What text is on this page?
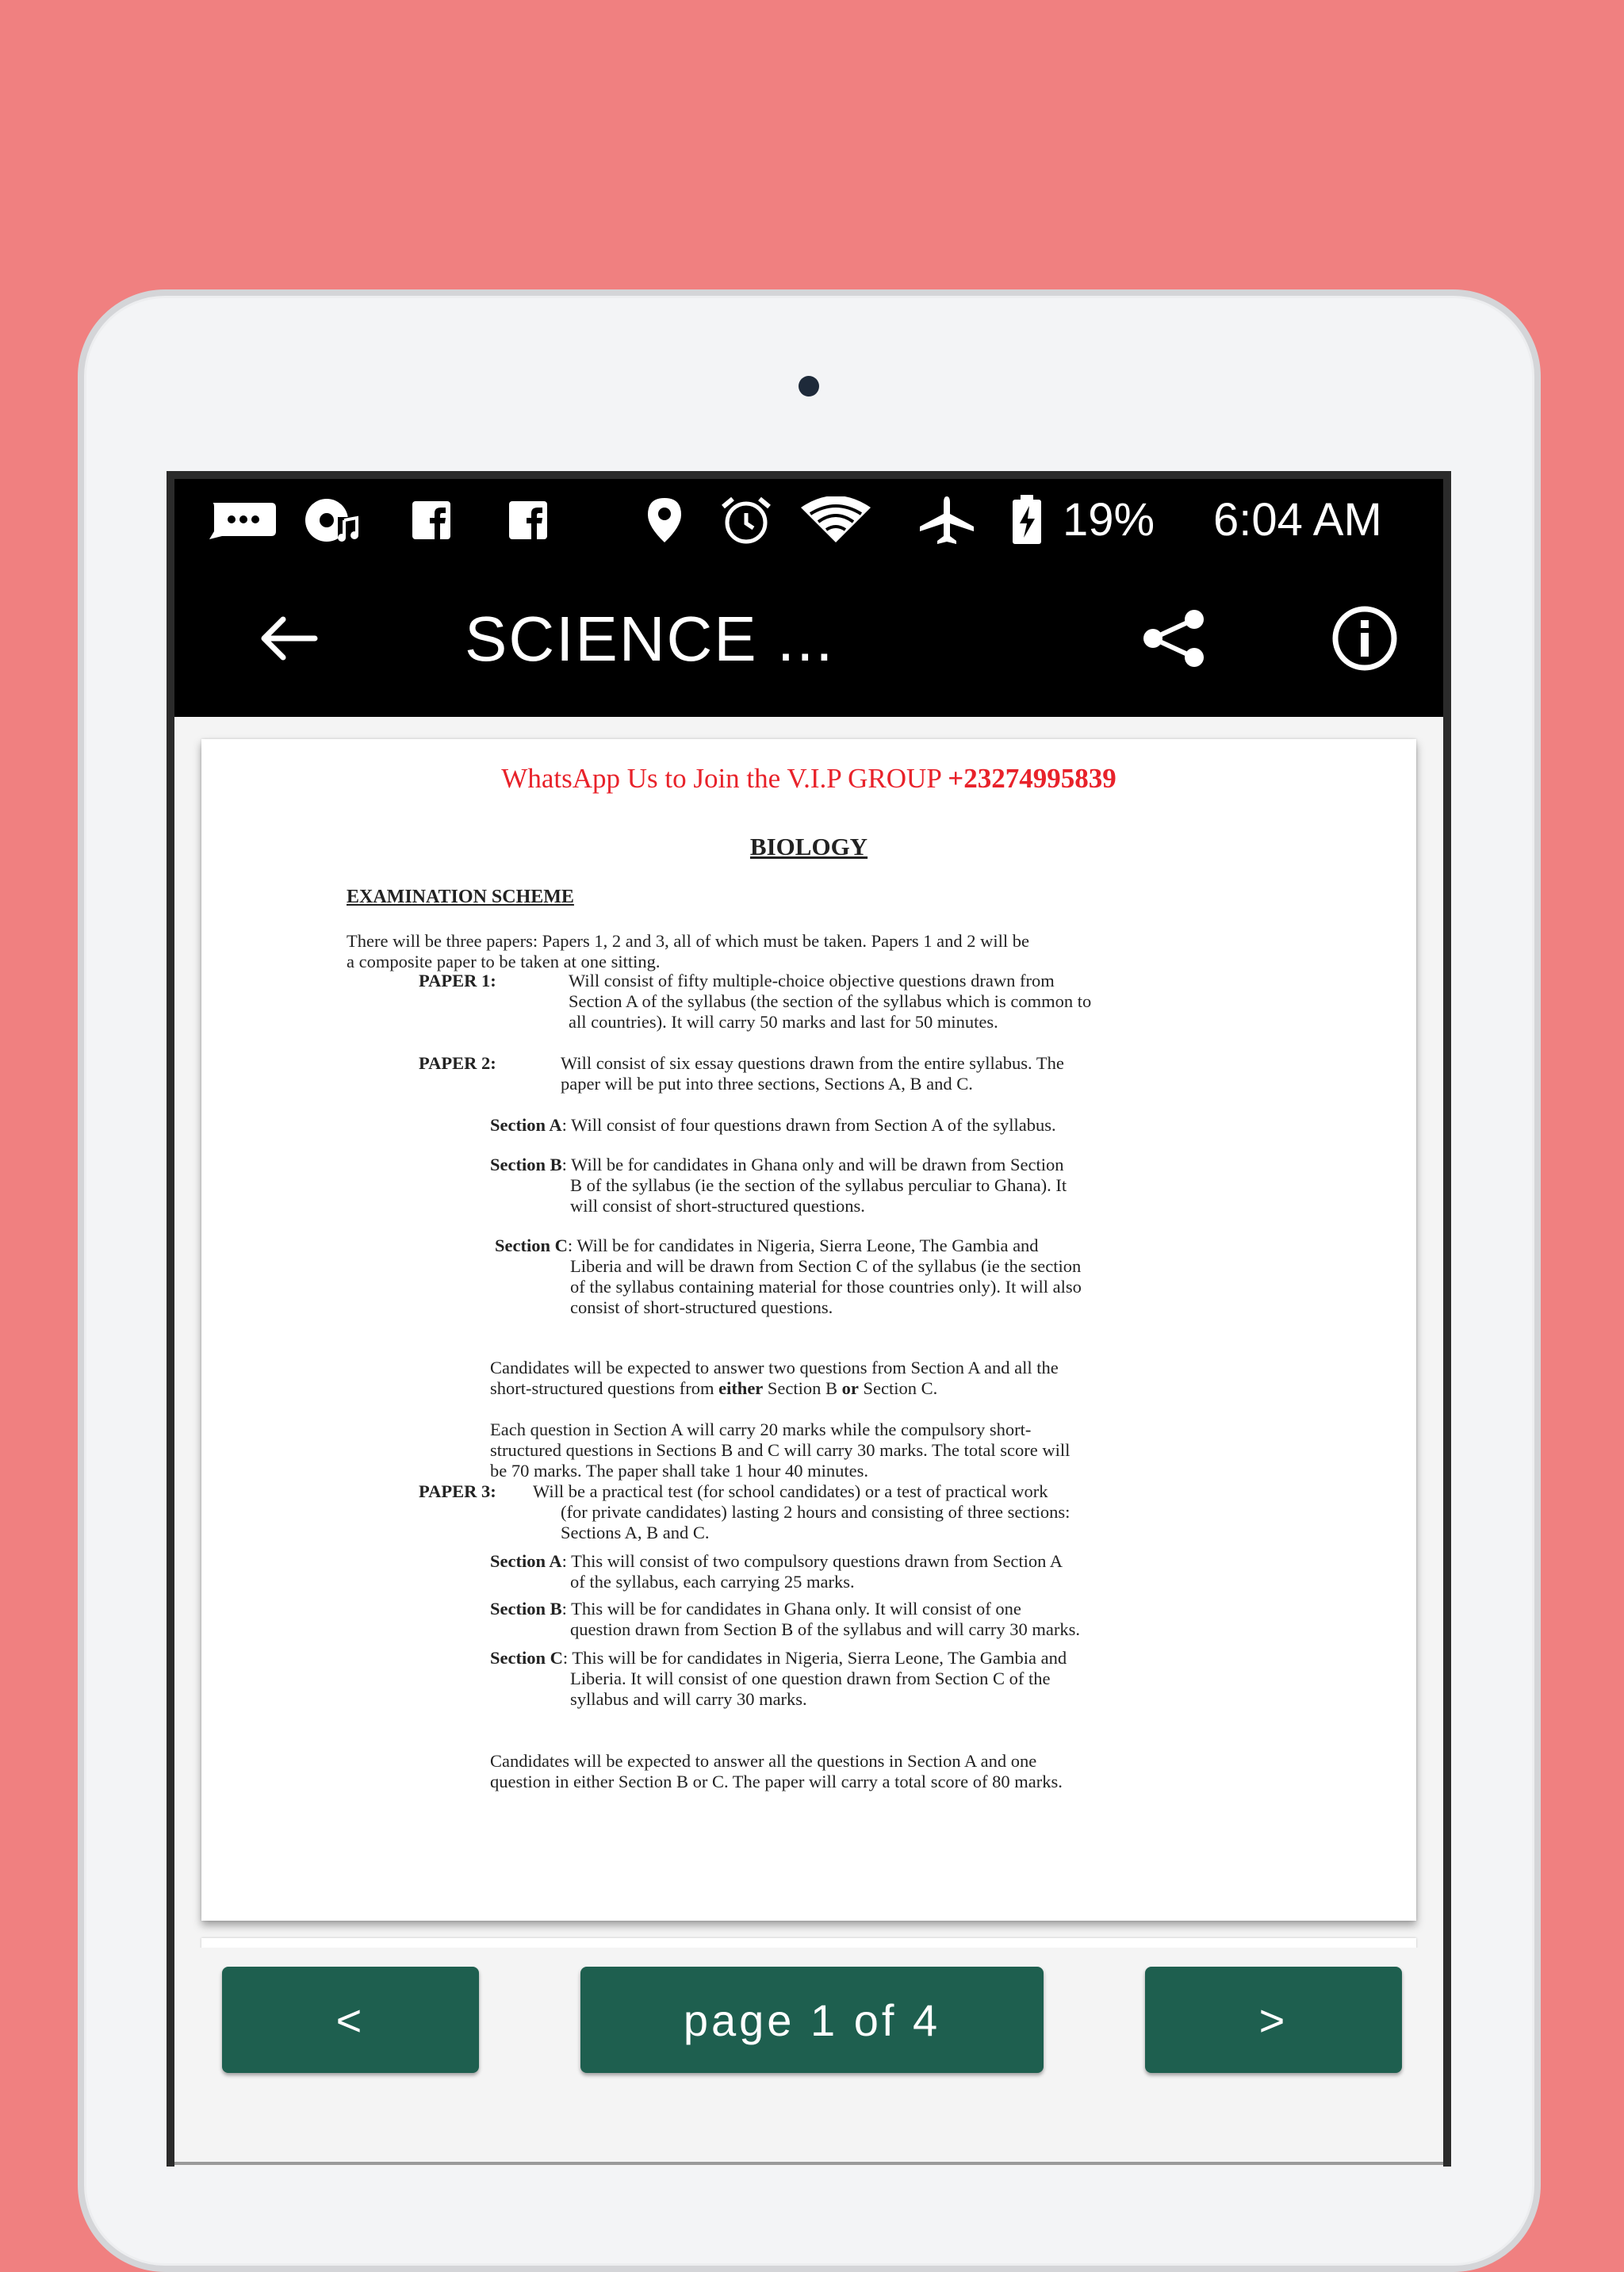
19% 6:04 AM
SCIENCE ...
WhatsApp Us to Join the V.I.P GROUP +23274995839
BIOLOGY
EXAMINATION SCHEME
There will be three papers: Papers 1, 2 and 3, all of which must be taken. Papers 1 and 2 will be
a composite paper to be taken at one sitting.
PAPER 1:	Will consist of fifty multiple-choice objective questions drawn from
Section A of the syllabus (the section of the syllabus which is common to
all countries). It will carry 50 marks and last for 50 minutes.
PAPER 2:	Will consist of six essay questions drawn from the entire syllabus. The
paper will be put into three sections, Sections A, B and C.
Section A: Will consist of four questions drawn from Section A of the syllabus.
Section B: Will be for candidates in Ghana only and will be drawn from Section
B of the syllabus (ie the section of the syllabus perculiar to Ghana). It
will consist of short-structured questions.
Section C: Will be for candidates in Nigeria, Sierra Leone, The Gambia and
Liberia and will be drawn from Section C of the syllabus (ie the section
of the syllabus containing material for those countries only). It will also
consist of short-structured questions.
Candidates will be expected to answer two questions from Section A and all the
short-structured questions from either Section B or Section C.
Each question in Section A will carry 20 marks while the compulsory short-
structured questions in Sections B and C will carry 30 marks. The total score will
be 70 marks. The paper shall take 1 hour 40 minutes.
PAPER 3: Will be a practical test (for school candidates) or a test of practical work
(for private candidates) lasting 2 hours and consisting of three sections:
Sections A, B and C.
Section A: This will consist of two compulsory questions drawn from Section A
of the syllabus, each carrying 25 marks.
Section B: This will be for candidates in Ghana only. It will consist of one
question drawn from Section B of the syllabus and will carry 30 marks.
Section C: This will be for candidates in Nigeria, Sierra Leone, The Gambia and
Liberia. It will consist of one question drawn from Section C of the
syllabus and will carry 30 marks.
Candidates will be expected to answer all the questions in Section A and one
question in either Section B or C. The paper will carry a total score of 80 marks.
<	page 1 of 4	>
